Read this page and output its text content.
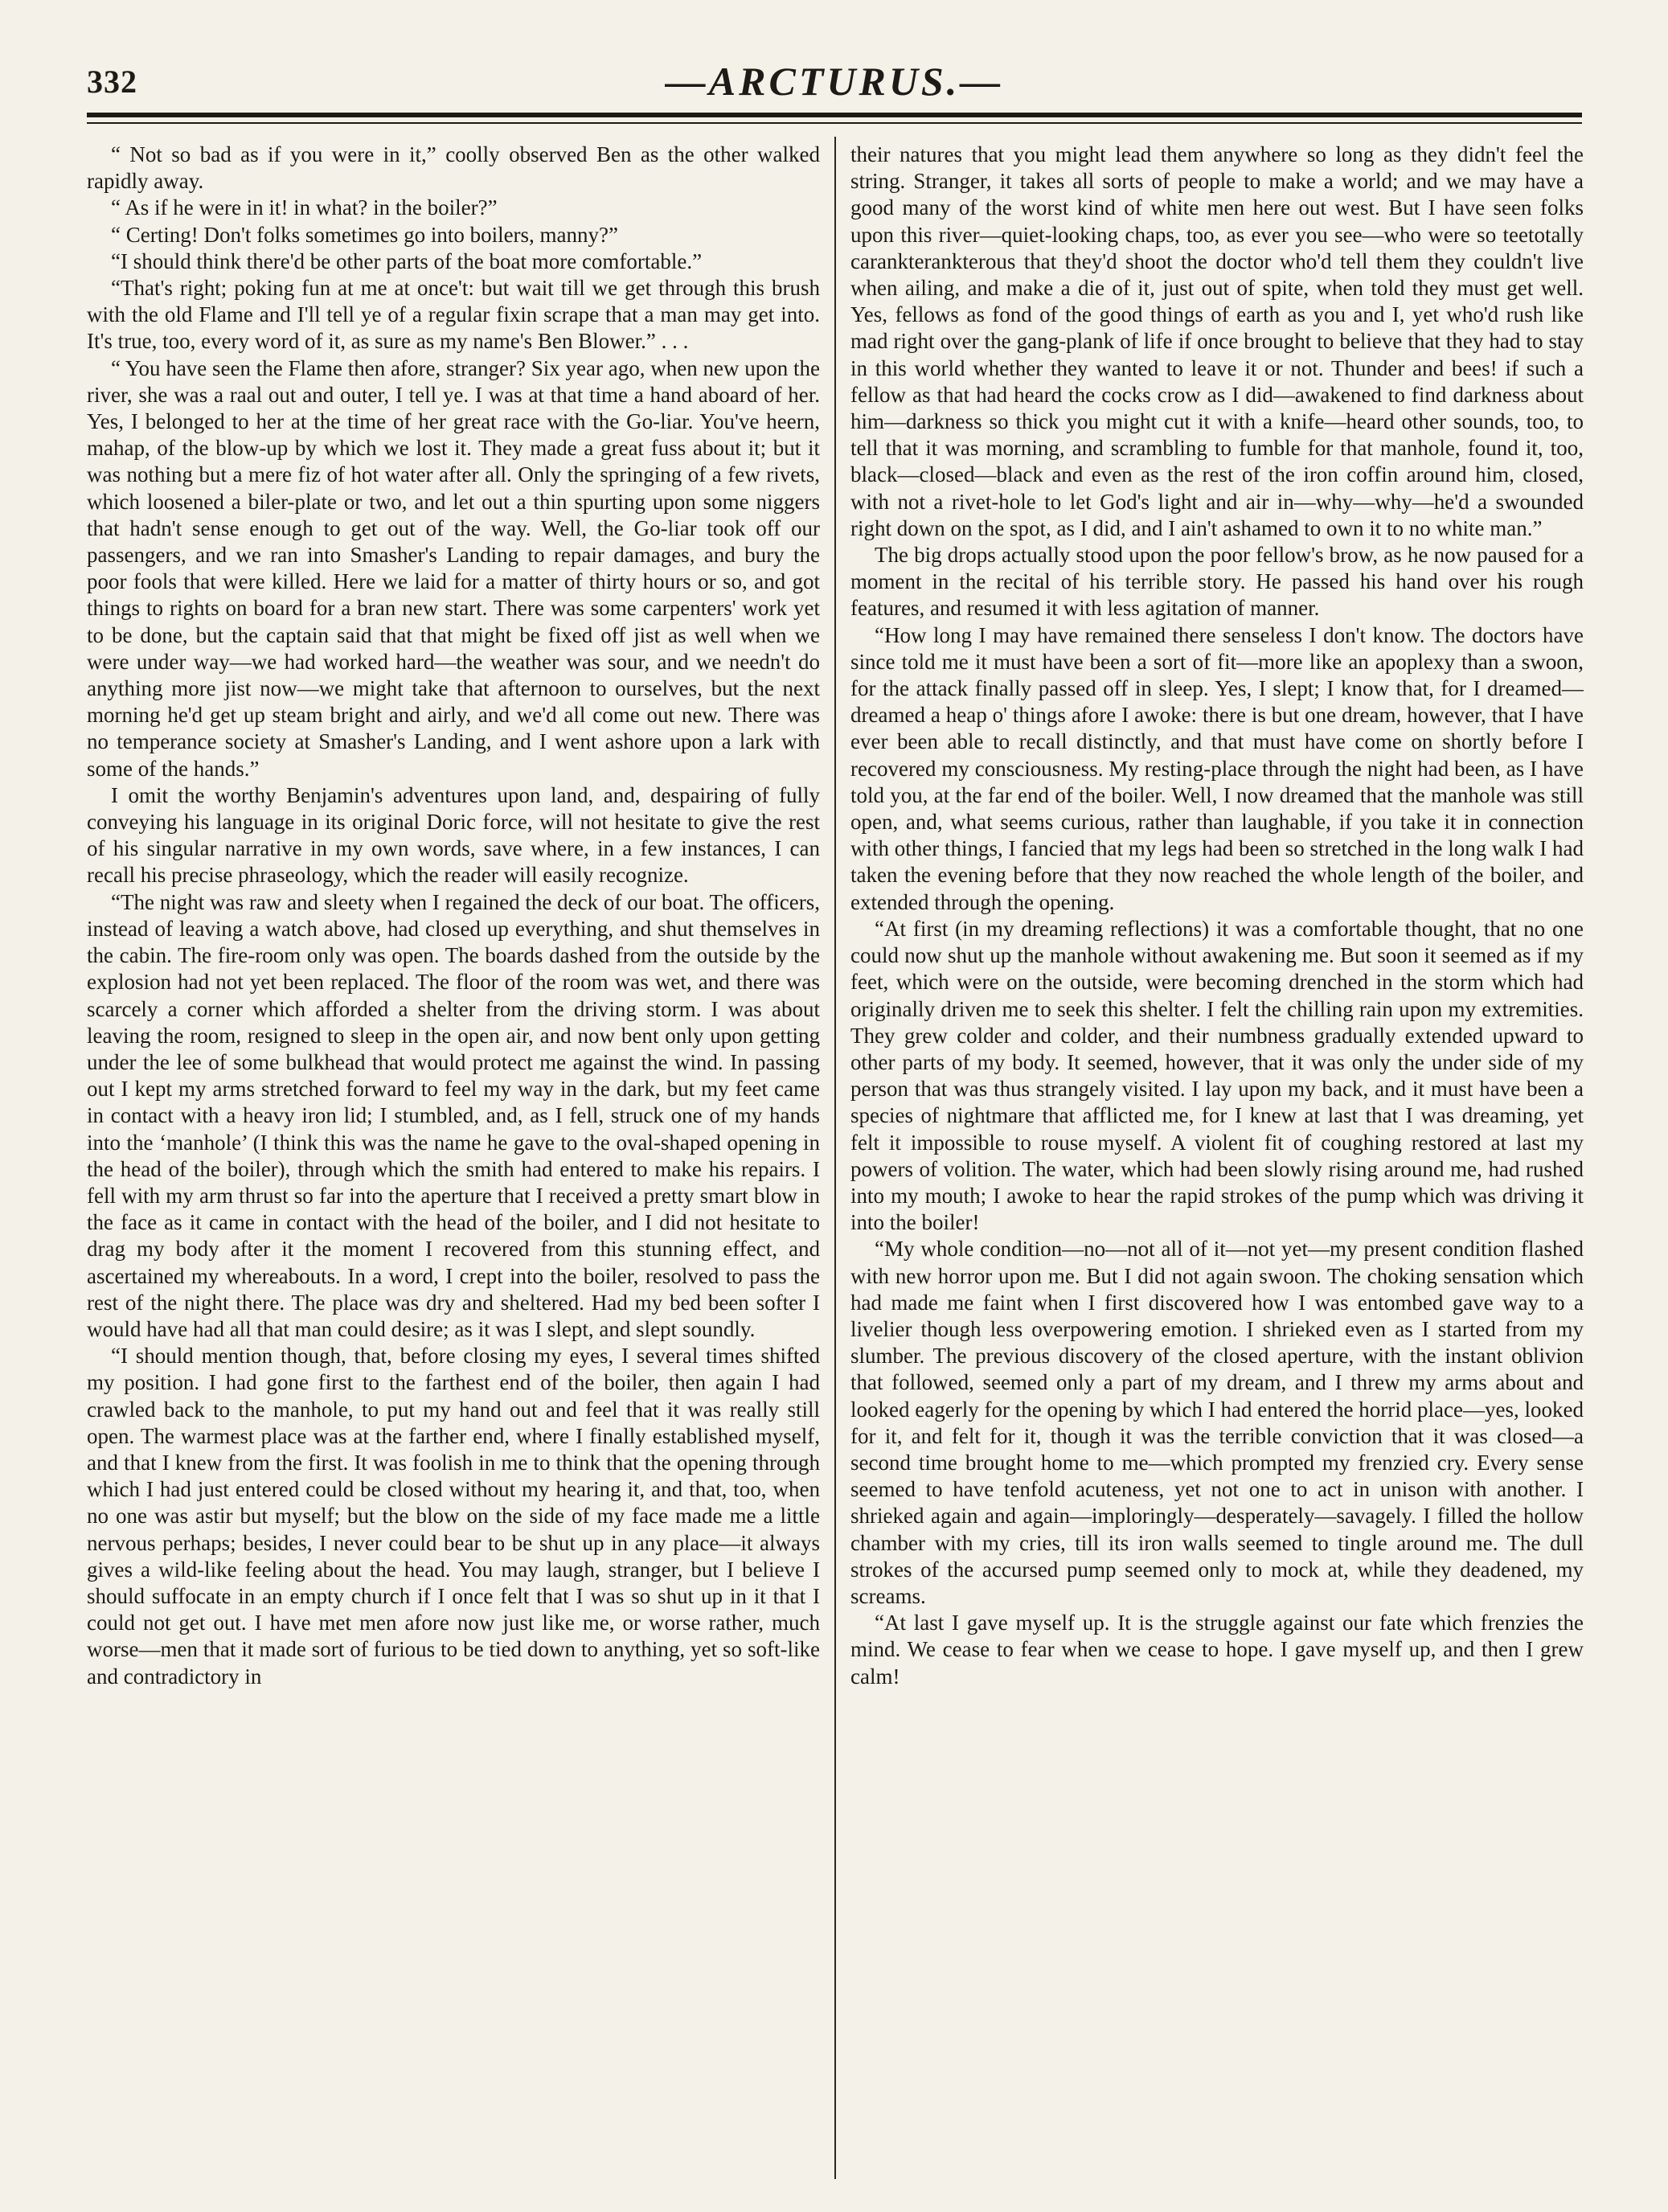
332	—ARCTURUS.—

“ Not so bad as if you were in it,” coolly observed Ben as the other walked rapidly away.

“ As if he were in it! in what? in the boiler?”

“ Certing! Don't folks sometimes go into boilers, manny?”

“I should think there'd be other parts of the boat more comfortable.”

“That's right; poking fun at me at once't: but wait till we get through this brush with the old Flame and I'll tell ye of a regular fixin scrape that a man may get into. It's true, too, every word of it, as sure as my name's Ben Blower.” . . .

“ You have seen the Flame then afore, stranger? Six year ago, when new upon the river, she was a raal out and outer, I tell ye. I was at that time a hand aboard of her. Yes, I belonged to her at the time of her great race with the Go-liar. You've heern, mahap, of the blow-up by which we lost it. They made a great fuss about it; but it was nothing but a mere fiz of hot water after all. Only the springing of a few rivets, which loosened a biler-plate or two, and let out a thin spurting upon some niggers that hadn't sense enough to get out of the way. Well, the Go-liar took off our passengers, and we ran into Smasher's Landing to repair damages, and bury the poor fools that were killed. Here we laid for a matter of thirty hours or so, and got things to rights on board for a bran new start. There was some carpenters' work yet to be done, but the captain said that that might be fixed off jist as well when we were under way—we had worked hard—the weather was sour, and we needn't do anything more jist now—we might take that afternoon to ourselves, but the next morning he'd get up steam bright and airly, and we'd all come out new. There was no temperance society at Smasher's Landing, and I went ashore upon a lark with some of the hands.”

I omit the worthy Benjamin's adventures upon land, and, despairing of fully conveying his language in its original Doric force, will not hesitate to give the rest of his singular narrative in my own words, save where, in a few instances, I can recall his precise phraseology, which the reader will easily recognize.

“The night was raw and sleety when I regained the deck of our boat. The officers, instead of leaving a watch above, had closed up everything, and shut themselves in the cabin. The fire-room only was open. The boards dashed from the outside by the explosion had not yet been replaced. The floor of the room was wet, and there was scarcely a corner which afforded a shelter from the driving storm. I was about leaving the room, resigned to sleep in the open air, and now bent only upon getting under the lee of some bulkhead that would protect me against the wind. In passing out I kept my arms stretched forward to feel my way in the dark, but my feet came in contact with a heavy iron lid; I stumbled, and, as I fell, struck one of my hands into the ‘manhole’ (I think this was the name he gave to the oval-shaped opening in the head of the boiler), through which the smith had entered to make his repairs. I fell with my arm thrust so far into the aperture that I received a pretty smart blow in the face as it came in contact with the head of the boiler, and I did not hesitate to drag my body after it the moment I recovered from this stunning effect, and ascertained my whereabouts. In a word, I crept into the boiler, resolved to pass the rest of the night there. The place was dry and sheltered. Had my bed been softer I would have had all that man could desire; as it was I slept, and slept soundly.

“I should mention though, that, before closing my eyes, I several times shifted my position. I had gone first to the farthest end of the boiler, then again I had crawled back to the manhole, to put my hand out and feel that it was really still open. The warmest place was at the farther end, where I finally established myself, and that I knew from the first. It was foolish in me to think that the opening through which I had just entered could be closed without my hearing it, and that, too, when no one was astir but myself; but the blow on the side of my face made me a little nervous perhaps; besides, I never could bear to be shut up in any place—it always gives a wild-like feeling about the head. You may laugh, stranger, but I believe I should suffocate in an empty church if I once felt that I was so shut up in it that I could not get out. I have met men afore now just like me, or worse rather, much worse—men that it made sort of furious to be tied down to anything, yet so soft-like and contradictory in

their natures that you might lead them anywhere so long as they didn't feel the string. Stranger, it takes all sorts of people to make a world; and we may have a good many of the worst kind of white men here out west. But I have seen folks upon this river—quiet-looking chaps, too, as ever you see—who were so teetotally carankterankterous that they'd shoot the doctor who'd tell them they couldn't live when ailing, and make a die of it, just out of spite, when told they must get well. Yes, fellows as fond of the good things of earth as you and I, yet who'd rush like mad right over the gang-plank of life if once brought to believe that they had to stay in this world whether they wanted to leave it or not. Thunder and bees! if such a fellow as that had heard the cocks crow as I did—awakened to find darkness about him—darkness so thick you might cut it with a knife—heard other sounds, too, to tell that it was morning, and scrambling to fumble for that manhole, found it, too, black—closed—black and even as the rest of the iron coffin around him, closed, with not a rivet-hole to let God's light and air in—why—why—he'd a swounded right down on the spot, as I did, and I ain't ashamed to own it to no white man.”

The big drops actually stood upon the poor fellow's brow, as he now paused for a moment in the recital of his terrible story. He passed his hand over his rough features, and resumed it with less agitation of manner.

“How long I may have remained there senseless I don't know. The doctors have since told me it must have been a sort of fit—more like an apoplexy than a swoon, for the attack finally passed off in sleep. Yes, I slept; I know that, for I dreamed—dreamed a heap o' things afore I awoke: there is but one dream, however, that I have ever been able to recall distinctly, and that must have come on shortly before I recovered my consciousness. My resting-place through the night had been, as I have told you, at the far end of the boiler. Well, I now dreamed that the manhole was still open, and, what seems curious, rather than laughable, if you take it in connection with other things, I fancied that my legs had been so stretched in the long walk I had taken the evening before that they now reached the whole length of the boiler, and extended through the opening.

“At first (in my dreaming reflections) it was a comfortable thought, that no one could now shut up the manhole without awakening me. But soon it seemed as if my feet, which were on the outside, were becoming drenched in the storm which had originally driven me to seek this shelter. I felt the chilling rain upon my extremities. They grew colder and colder, and their numbness gradually extended upward to other parts of my body. It seemed, however, that it was only the under side of my person that was thus strangely visited. I lay upon my back, and it must have been a species of nightmare that afflicted me, for I knew at last that I was dreaming, yet felt it impossible to rouse myself. A violent fit of coughing restored at last my powers of volition. The water, which had been slowly rising around me, had rushed into my mouth; I awoke to hear the rapid strokes of the pump which was driving it into the boiler!

“My whole condition—no—not all of it—not yet—my present condition flashed with new horror upon me. But I did not again swoon. The choking sensation which had made me faint when I first discovered how I was entombed gave way to a livelier though less overpowering emotion. I shrieked even as I started from my slumber. The previous discovery of the closed aperture, with the instant oblivion that followed, seemed only a part of my dream, and I threw my arms about and looked eagerly for the opening by which I had entered the horrid place—yes, looked for it, and felt for it, though it was the terrible conviction that it was closed—a second time brought home to me—which prompted my frenzied cry. Every sense seemed to have tenfold acuteness, yet not one to act in unison with another. I shrieked again and again—imploringly—desperately—savagely. I filled the hollow chamber with my cries, till its iron walls seemed to tingle around me. The dull strokes of the accursed pump seemed only to mock at, while they deadened, my screams.

“At last I gave myself up. It is the struggle against our fate which frenzies the mind. We cease to fear when we cease to hope. I gave myself up, and then I grew calm!
